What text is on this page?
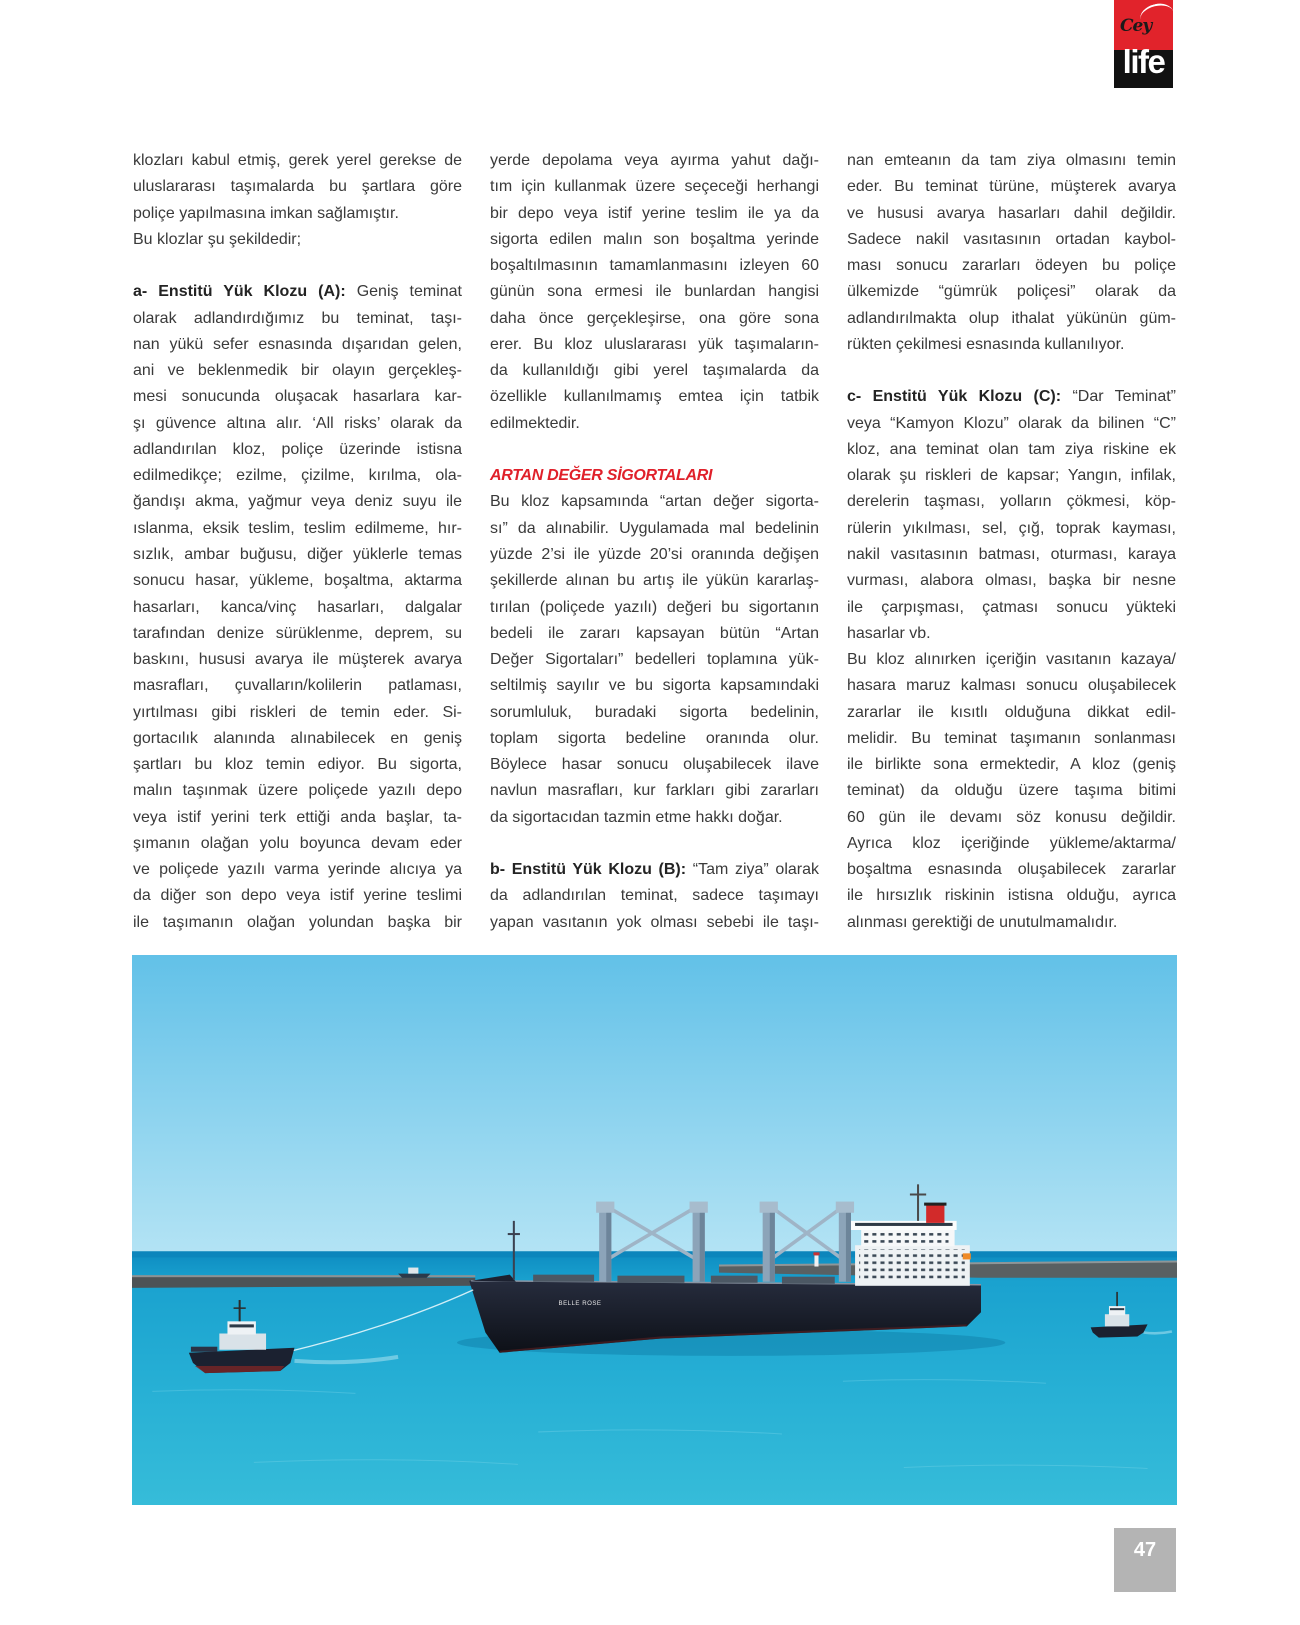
Cey
life
klozları kabul etmiş, gerek yerel gerekse de
uluslararası taşımalarda bu şartlara göre
poliçe yapılmasına imkan sağlamıştır.
Bu klozlar şu şekildedir;
a- Enstitü Yük Klozu (A): Geniş teminat
olarak adlandırdığımız bu teminat, taşı-
nan yükü sefer esnasında dışarıdan gelen,
ani ve beklenmedik bir olayın gerçekleş-
mesi sonucunda oluşacak hasarlara kar-
şı güvence altına alır. ‘All risks’ olarak da
adlandırılan kloz, poliçe üzerinde istisna
edilmedikçe; ezilme, çizilme, kırılma, ola-
ğandışı akma, yağmur veya deniz suyu ile
ıslanma, eksik teslim, teslim edilmeme, hır-
sızlık, ambar buğusu, diğer yüklerle temas
sonucu hasar, yükleme, boşaltma, aktarma
hasarları, kanca/vinç hasarları, dalgalar
tarafından denize sürüklenme, deprem, su
baskını, hususi avarya ile müşterek avarya
masrafları, çuvalların/kolilerin patlaması,
yırtılması gibi riskleri de temin eder. Si-
gortacılık alanında alınabilecek en geniş
şartları bu kloz temin ediyor. Bu sigorta,
malın taşınmak üzere poliçede yazılı depo
veya istif yerini terk ettiği anda başlar, ta-
şımanın olağan yolu boyunca devam eder
ve poliçede yazılı varma yerinde alıcıya ya
da diğer son depo veya istif yerine teslimi
ile taşımanın olağan yolundan başka bir
yerde depolama veya ayırma yahut dağı-
tım için kullanmak üzere seçeceği herhangi
bir depo veya istif yerine teslim ile ya da
sigorta edilen malın son boşaltma yerinde
boşaltılmasının tamamlanmasını izleyen 60
günün sona ermesi ile bunlardan hangisi
daha önce gerçekleşirse, ona göre sona
erer. Bu kloz uluslararası yük taşımaların-
da kullanıldığı gibi yerel taşımalarda da
özellikle kullanılmamış emtea için tatbik
edilmektedir.
ARTAN DEĞER SİGORTALARI
Bu kloz kapsamında “artan değer sigorta-
sı” da alınabilir. Uygulamada mal bedelinin
yüzde 2’si ile yüzde 20’si oranında değişen
şekillerde alınan bu artış ile yükün kararlaş-
tırılan (poliçede yazılı) değeri bu sigortanın
bedeli ile zararı kapsayan bütün “Artan
Değer Sigortaları” bedelleri toplamına yük-
seltilmiş sayılır ve bu sigorta kapsamındaki
sorumluluk, buradaki sigorta bedelinin,
toplam sigorta bedeline oranında olur.
Böylece hasar sonucu oluşabilecek ilave
navlun masrafları, kur farkları gibi zararları
da sigortacıdan tazmin etme hakkı doğar.
b- Enstitü Yük Klozu (B): “Tam ziya” olarak
da adlandırılan teminat, sadece taşımayı
yapan vasıtanın yok olması sebebi ile taşı-
nan emteanın da tam ziya olmasını temin
eder. Bu teminat türüne, müşterek avarya
ve hususi avarya hasarları dahil değildir.
Sadece nakil vasıtasının ortadan kaybol-
ması sonucu zararları ödeyen bu poliçe
ülkemizde “gümrük poliçesi” olarak da
adlandırılmakta olup ithalat yükünün güm-
rükten çekilmesi esnasında kullanılıyor.
c- Enstitü Yük Klozu (C): “Dar Teminat”
veya “Kamyon Klozu” olarak da bilinen “C”
kloz, ana teminat olan tam ziya riskine ek
olarak şu riskleri de kapsar; Yangın, infilak,
derelerin taşması, yolların çökmesi, köp-
rülerin yıkılması, sel, çığ, toprak kayması,
nakil vasıtasının batması, oturması, karaya
vurması, alabora olması, başka bir nesne
ile çarpışması, çatması sonucu yükteki
hasarlar vb.
Bu kloz alınırken içeriğin vasıtanın kazaya/
hasara maruz kalması sonucu oluşabilecek
zararlar ile kısıtlı olduğuna dikkat edil-
melidir. Bu teminat taşımanın sonlanması
ile birlikte sona ermektedir, A kloz (geniş
teminat) da olduğu üzere taşıma bitimi
60 gün ile devamı söz konusu değildir.
Ayrıca kloz içeriğinde yükleme/aktarma/
boşaltma esnasında oluşabilecek zararlar
ile hırsızlık riskinin istisna olduğu, ayrıca
alınması gerektiği de unutulmamalıdır.
BELLE ROSE
47
